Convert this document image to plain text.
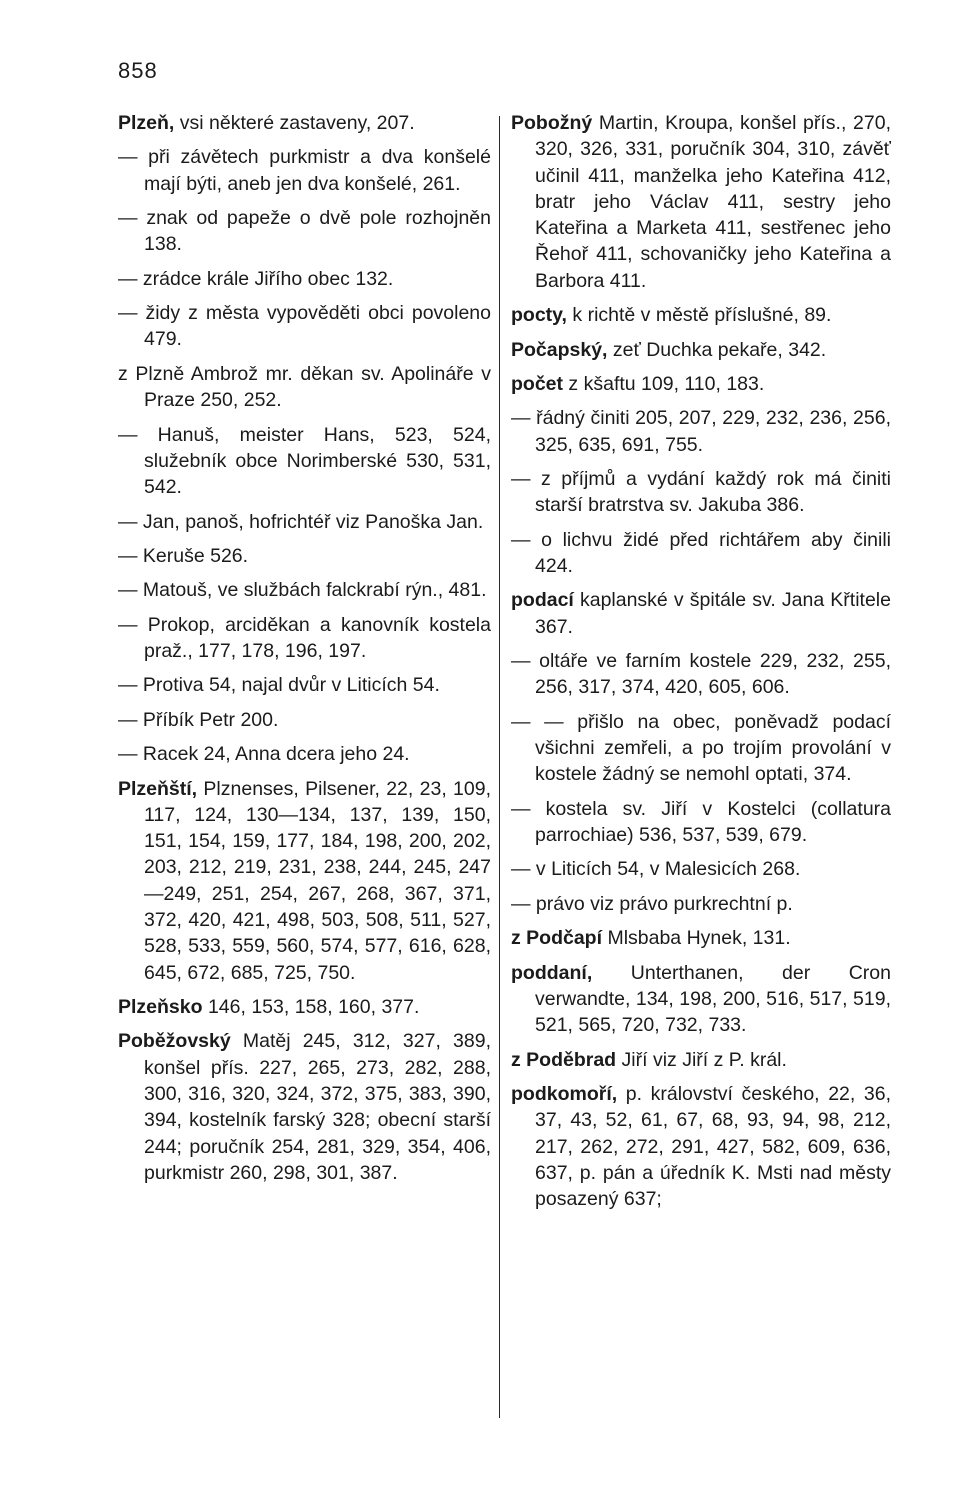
858

Plzeň, vsi některé zastaveny, 207.

— při závětech purkmistr a dva konšelé mají býti, aneb jen dva konšelé, 261.

— znak od papeže o dvě pole rozhojněn 138.

— zrádce krále Jiřího obec 132.

— židy z města vypověděti obci povoleno 479.

z Plzně Ambrož mr. děkan sv. Apolináře v Praze 250, 252.

— Hanuš, meister Hans, 523, 524, služebník obce Norimberské 530, 531, 542.

— Jan, panoš, hofrichtéř viz Panoška Jan.

— Keruše 526.

— Matouš, ve službách falckrabí rýn., 481.

— Prokop, arciděkan a kanovník kostela praž., 177, 178, 196, 197.

— Protiva 54, najal dvůr v Liticích 54.

— Příbík Petr 200.

— Racek 24, Anna dcera jeho 24.

Plzeňští, Plznenses, Pilsener, 22, 23, 109, 117, 124, 130—134, 137, 139, 150, 151, 154, 159, 177, 184, 198, 200, 202, 203, 212, 219, 231, 238, 244, 245, 247—249, 251, 254, 267, 268, 367, 371, 372, 420, 421, 498, 503, 508, 511, 527, 528, 533, 559, 560, 574, 577, 616, 628, 645, 672, 685, 725, 750.

Plzeňsko 146, 153, 158, 160, 377.

Poběžovský Matěj 245, 312, 327, 389, konšel přís. 227, 265, 273, 282, 288, 300, 316, 320, 324, 372, 375, 383, 390, 394, kostelník farský 328; obecní starší 244; poručník 254, 281, 329, 354, 406, purkmistr 260, 298, 301, 387.

Pobožný Martin, Kroupa, konšel přís., 270, 320, 326, 331, poručník 304, 310, závěť učinil 411, manželka jeho Kateřina 412, bratr jeho Václav 411, sestry jeho Kateřina a Marketa 411, sestřenec jeho Řehoř 411, schovaničky jeho Kateřina a Barbora 411.

pocty, k richtě v městě příslušné, 89.

Počapský, zeť Duchka pekaře, 342.

počet z kšaftu 109, 110, 183.

— řádný činiti 205, 207, 229, 232, 236, 256, 325, 635, 691, 755.

— z příjmů a vydání každý rok má činiti starší bratrstva sv. Jakuba 386.

— o lichvu židé před richtářem aby činili 424.

podací kaplanské v špitále sv. Jana Křtitele 367.

— oltáře ve farním kostele 229, 232, 255, 256, 317, 374, 420, 605, 606.

— — přišlo na obec, poněvadž podací všichni zemřeli, a po trojím provolání v kostele žádný se nemohl optati, 374.

— kostela sv. Jiří v Kostelci (collatura parrochiae) 536, 537, 539, 679.

— v Liticích 54, v Malesicích 268.

— právo viz právo purkrechtní p.

z Podčapí Mlsbaba Hynek, 131.

poddaní, Unterthanen, der Cron verwandte, 134, 198, 200, 516, 517, 519, 521, 565, 720, 732, 733.

z Poděbrad Jiří viz Jiří z P. král.

podkomoří, p. království českého, 22, 36, 37, 43, 52, 61, 67, 68, 93, 94, 98, 212, 217, 262, 272, 291, 427, 582, 609, 636, 637, p. pán a úředník K. Msti nad městy posazený 637;
